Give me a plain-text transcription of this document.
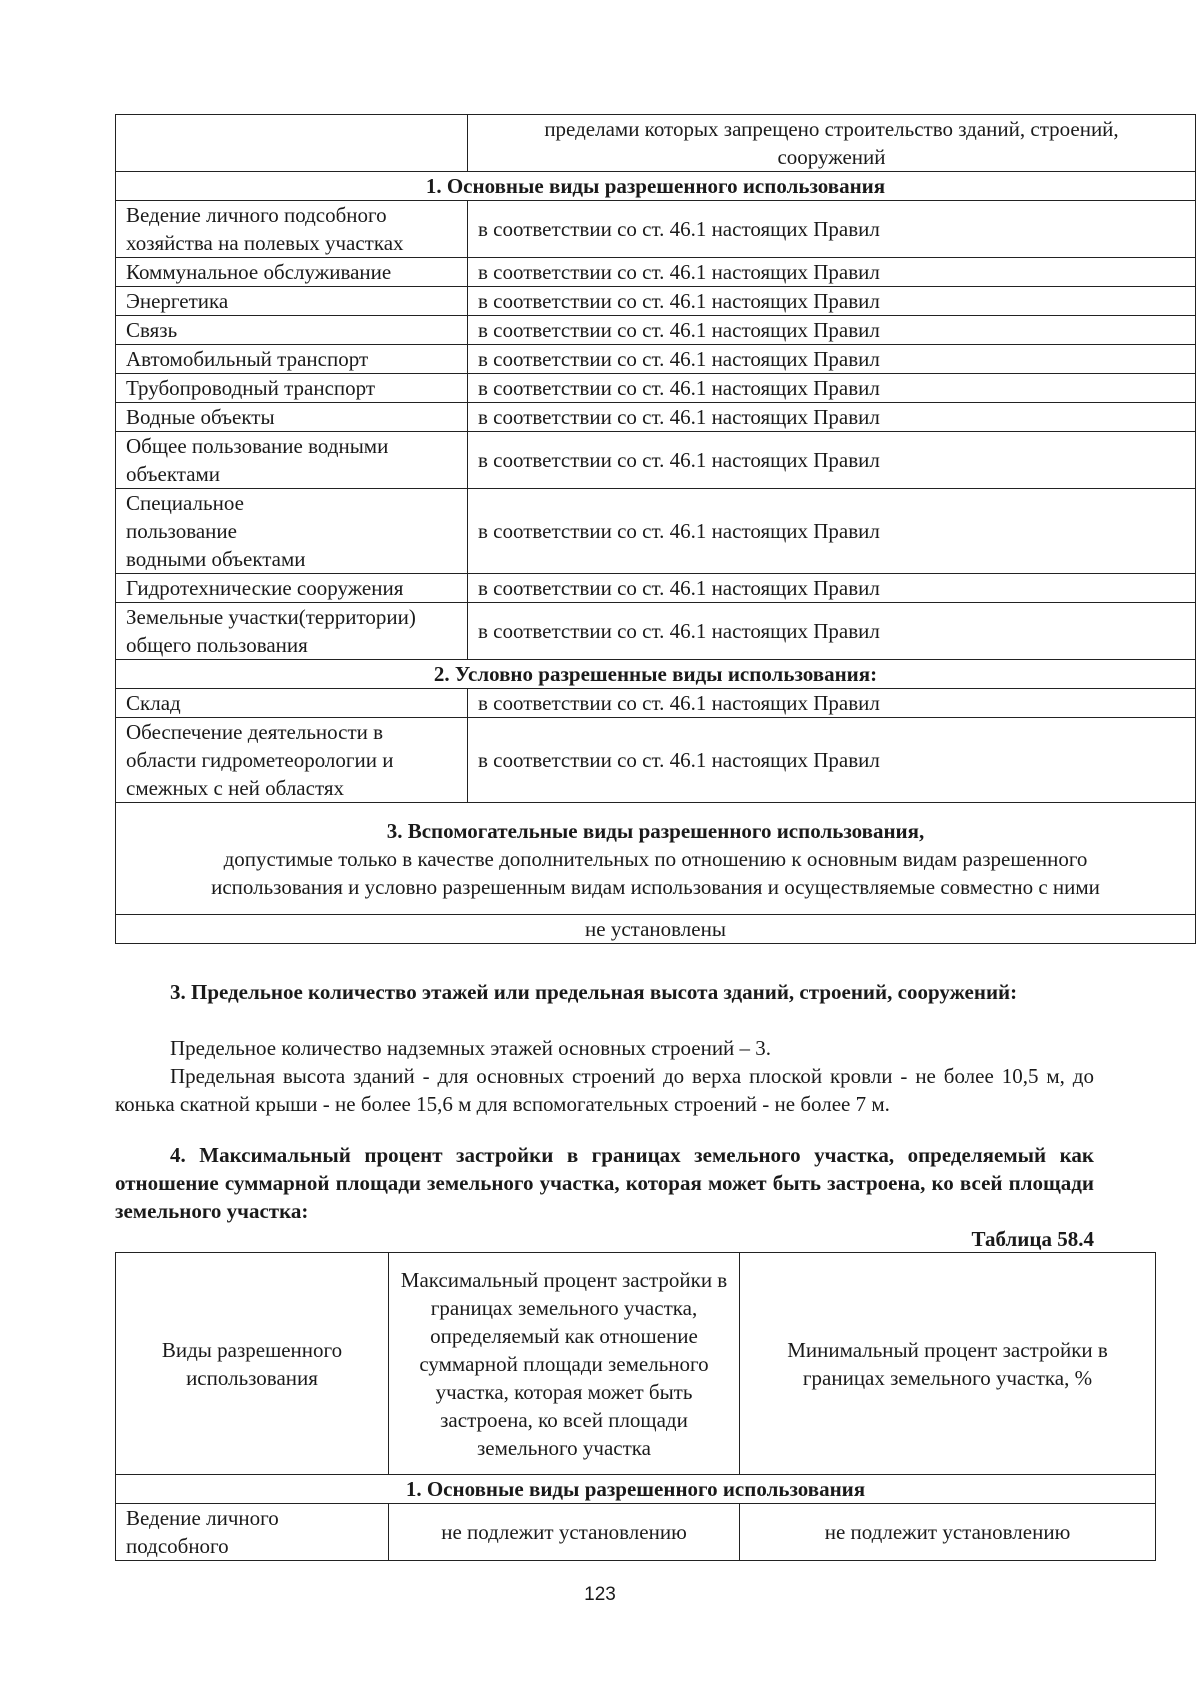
	пределами которых запрещено строительство зданий, строений, сооружений
1. Основные виды разрешенного использования	
Ведение личного подсобного хозяйства на полевых участках	в соответствии со ст. 46.1 настоящих Правил
Коммунальное обслуживание	в соответствии со ст. 46.1 настоящих Правил
Энергетика	в соответствии со ст. 46.1 настоящих Правил
Связь	в соответствии со ст. 46.1 настоящих Правил
Автомобильный транспорт	в соответствии со ст. 46.1 настоящих Правил
Трубопроводный транспорт	в соответствии со ст. 46.1 настоящих Правил
Водные объекты	в соответствии со ст. 46.1 настоящих Правил
Общее пользование водными объектами	в соответствии со ст. 46.1 настоящих Правил
Специальное пользование водными объектами	в соответствии со ст. 46.1 настоящих Правил
Гидротехнические сооружения	в соответствии со ст. 46.1 настоящих Правил
Земельные участки(территории) общего пользования	в соответствии со ст. 46.1 настоящих Правил
2. Условно разрешенные виды использования:	
Склад	в соответствии со ст. 46.1 настоящих Правил
Обеспечение деятельности в области гидрометеорологии и смежных с ней областях	в соответствии со ст. 46.1 настоящих Правил

3. Вспомогательные виды разрешенного использования,
допустимые только в качестве дополнительных по отношению к основным видам разрешенного использования и условно разрешенным видам использования и осуществляемые совместно с ними	

не установлены	
3. Предельное количество этажей или предельная высота зданий, строений, сооружений:
Предельное количество надземных этажей основных строений – 3.
Предельная высота зданий - для основных строений до верха плоской кровли - не более 10,5 м, до конька скатной крыши - не более 15,6 м для вспомогательных строений - не более 7 м.
4. Максимальный процент застройки в границах земельного участка, определяемый как отношение суммарной площади земельного участка, которая может быть застроена, ко всей площади земельного участка:
Таблица 58.4
Виды разрешенного использования	Максимальный процент застройки в границах земельного участка, определяемый как отношение суммарной площади земельного участка, которая может быть застроена, ко всей площади земельного участка	Минимальный процент застройки в границах земельного участка, %
1. Основные виды разрешенного использования		
Ведение личного подсобного	не подлежит установлению	не подлежит установлению
123
